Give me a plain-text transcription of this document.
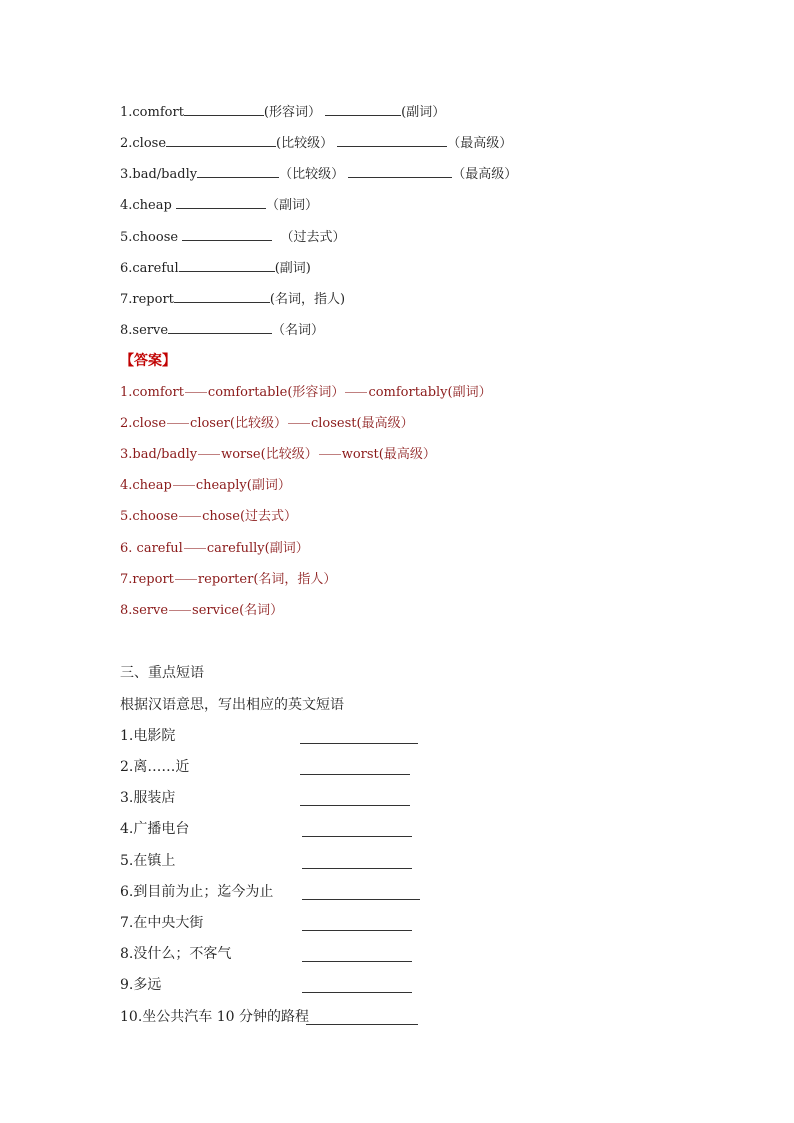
1.comfort	(形容词）	(副词）
2.close	(比较级）	（最高级）
3.bad/badly	（比较级）	（最高级）
4.cheap	（副词）
5.choose	（过去式）
6.careful	(副词)
7.report	(名词，指人)
8.serve	（名词）
【答案】
1.comfort comfortable(形容词） comfortably(副词）
2.close closer(比较级） closest(最高级）
3.bad/badly worse(比较级） worst(最高级）
4.cheap cheaply(副词）
5.choose chose(过去式）
6. careful carefully(副词）
7.report reporter(名词，指人）
8.serve service(名词）
三、重点短语
根据汉语意思，写出相应的英文短语
1.电影院
2.离……近
3.服装店
4.广播电台
5.在镇上
6.到目前为止；迄今为止
7.在中央大街
8.没什么；不客气
9.多远
10.坐公共汽车 10 分钟的路程
